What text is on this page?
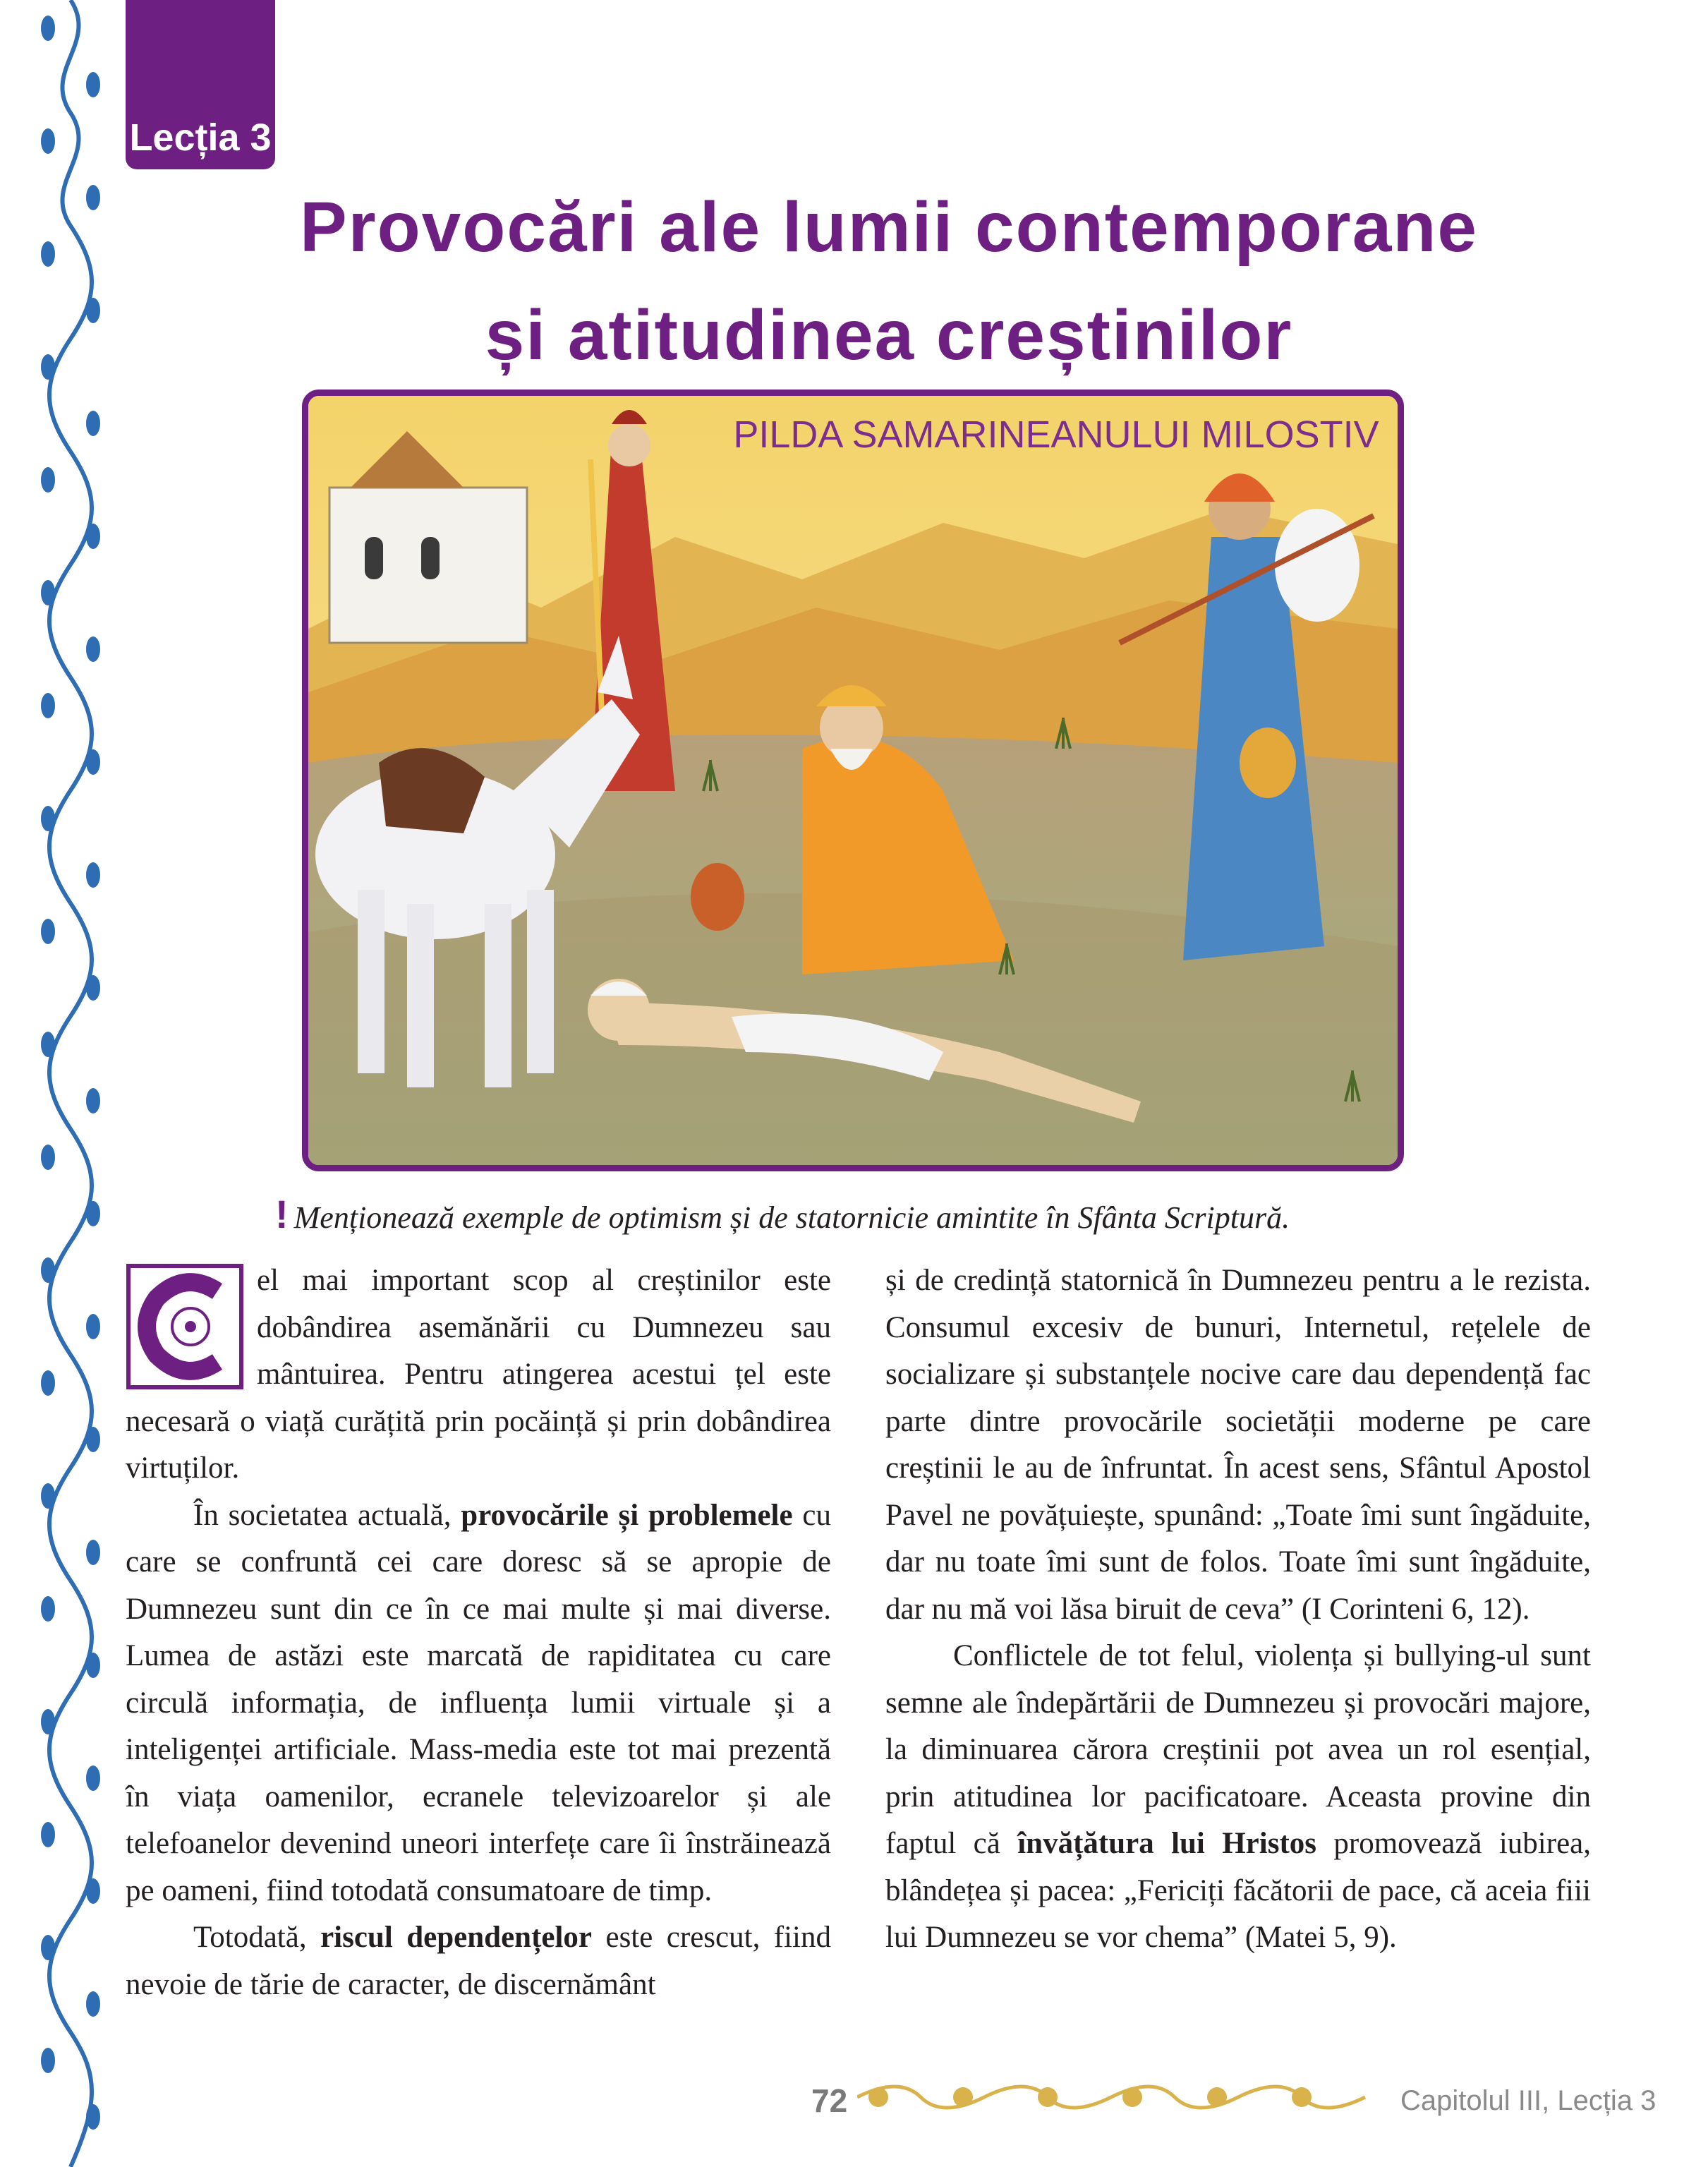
Lecția 3
Provocări ale lumii contemporane
și atitudinea creștinilor
PILDA SAMARINEANULUI MILOSTIV
! Menționează exemple de optimism și de statornicie amintite în Sfânta Scriptură.

el mai important scop al creștinilor este dobândirea asemănării cu Dumnezeu sau mântuirea. Pentru atingerea acestui țel este necesară o viață curățită prin pocăință și prin dobândirea virtuților.

În societatea actuală, provocările și problemele cu care se confruntă cei care doresc să se apropie de Dumnezeu sunt din ce în ce mai multe și mai diverse. Lumea de astăzi este marcată de rapiditatea cu care circulă informația, de influența lumii virtuale și a inteligenței artificiale. Mass-media este tot mai prezentă în viața oamenilor, ecranele televizoarelor și ale telefoanelor devenind uneori interfețe care îi înstrăinează pe oameni, fiind totodată consumatoare de timp.

Totodată, riscul dependențelor este crescut, fiind nevoie de tărie de caracter, de discernământ

și de credință statornică în Dumnezeu pentru a le rezista. Consumul excesiv de bunuri, Internetul, rețelele de socializare și substanțele nocive care dau dependență fac parte dintre provocările societății moderne pe care creștinii le au de înfruntat. În acest sens, Sfântul Apostol Pavel ne povățuiește, spunând: „Toate îmi sunt îngăduite, dar nu toate îmi sunt de folos. Toate îmi sunt îngăduite, dar nu mă voi lăsa biruit de ceva” (I Corinteni 6, 12).

Conflictele de tot felul, violența și bullying-ul sunt semne ale îndepărtării de Dumnezeu și provocări majore, la diminuarea cărora creștinii pot avea un rol esențial, prin atitudinea lor pacificatoare. Aceasta provine din faptul că învățătura lui Hristos promovează iubirea, blândețea și pacea: „Fericiți făcătorii de pace, că aceia fiii lui Dumnezeu se vor chema” (Matei 5, 9).

72	Capitolul III, Lecția 3
